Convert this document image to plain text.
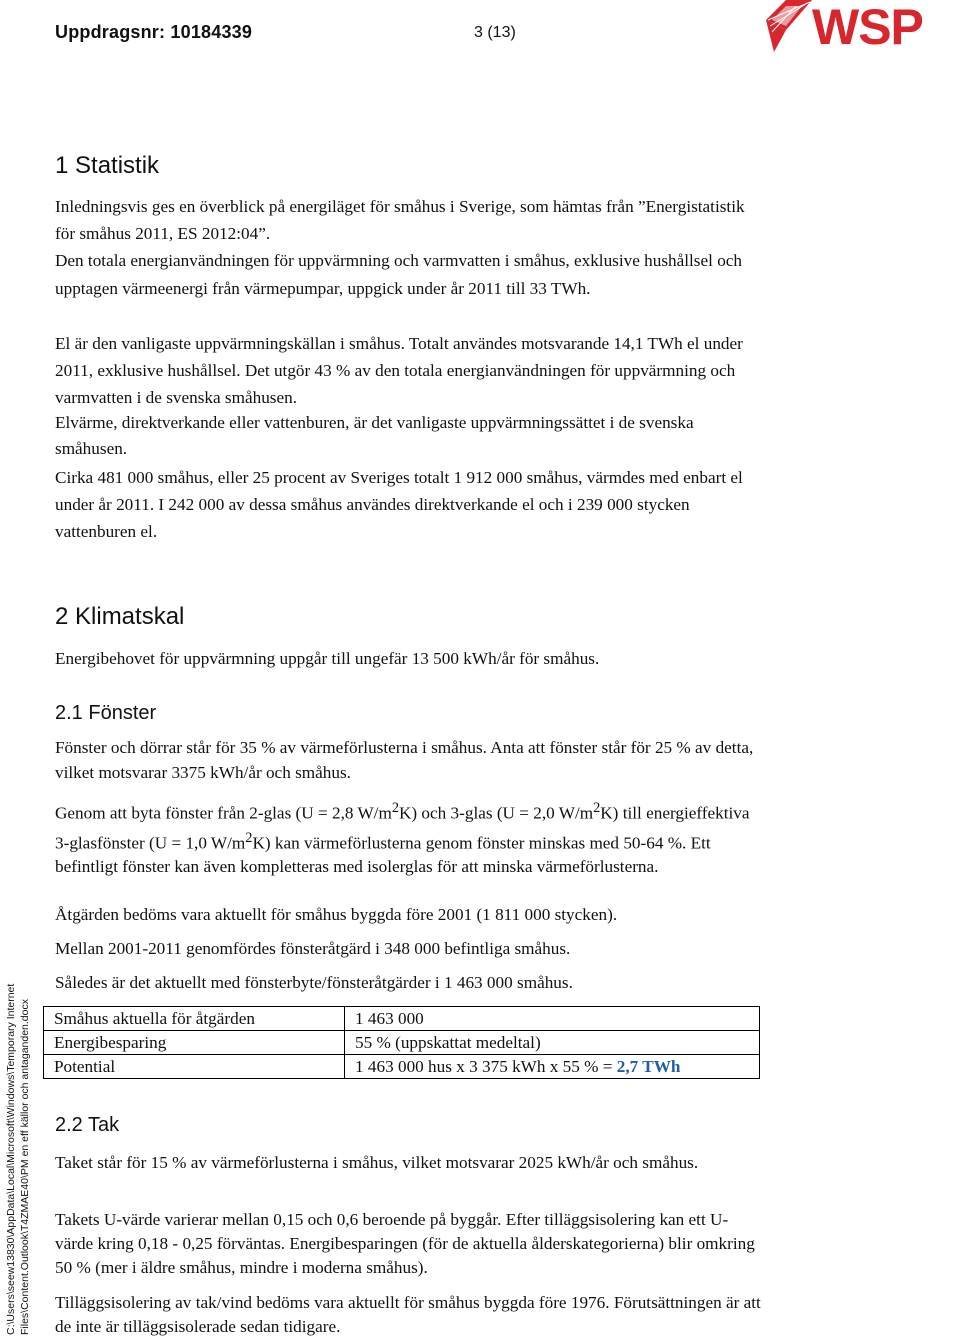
Uppdragsnr: 10184339	3 (13)	WSP
C:\Users\seew13830\AppData\Local\Microsoft\Windows\Temporary Internet Files\Content.Outlook\T4ZMAE40\PM en eff källor och antaganden.docx
1 Statistik

Inledningsvis ges en överblick på energiläget för småhus i Sverige, som hämtas från ”Energistatistik för småhus 2011, ES 2012:04”.

Den totala energianvändningen för uppvärmning och varmvatten i småhus, exklusive hushållsel och upptagen värmeenergi från värmepumpar, uppgick under år 2011 till 33 TWh.

El är den vanligaste uppvärmningskällan i småhus. Totalt användes motsvarande 14,1 TWh el under 2011, exklusive hushållsel. Det utgör 43 % av den totala energianvändningen för uppvärmning och varmvatten i de svenska småhusen.

Elvärme, direktverkande eller vattenburen, är det vanligaste uppvärmningssättet i de svenska småhusen.

Cirka 481 000 småhus, eller 25 procent av Sveriges totalt 1 912 000 småhus, värmdes med enbart el under år 2011. I 242 000 av dessa småhus användes direktverkande el och i 239 000 stycken vattenburen el.

2 Klimatskal

Energibehovet för uppvärmning uppgår till ungefär 13 500 kWh/år för småhus.

2.1 Fönster

Fönster och dörrar står för 35 % av värmeförlusterna i småhus. Anta att fönster står för 25 % av detta, vilket motsvarar 3375 kWh/år och småhus.

Genom att byta fönster från 2-glas (U = 2,8 $W/m^2K$) och 3-glas (U = 2,0 $W/m^2K$) till energieffektiva 3-glasfönster (U = 1,0 $W/m^2K$) kan värmeförlusterna genom fönster minskas med 50-64 %. Ett befintligt fönster kan även kompletteras med isolerglas för att minska värmeförlusterna.

Åtgärden bedöms vara aktuellt för småhus byggda före 2001 (1 811 000 stycken).

Mellan 2001-2011 genomfördes fönsteråtgärd i 348 000 befintliga småhus.

Således är det aktuellt med fönsterbyte/fönsteråtgärder i 1 463 000 småhus.

2.2 Tak

Taket står för 15 % av värmeförlusterna i småhus, vilket motsvarar 2025 kWh/år och småhus.

Takets U-värde varierar mellan 0,15 och 0,6 beroende på byggår. Efter tilläggsisolering kan ett U-värde kring 0,18 - 0,25 förväntas. Energibesparingen (för de aktuella ålderskategorierna) blir omkring 50 % (mer i äldre småhus, mindre i moderna småhus).

Tilläggsisolering av tak/vind bedöms vara aktuellt för småhus byggda före 1976. Förutsättningen är att de inte är tilläggsisolerade sedan tidigare.

Småhus aktuella för åtgärden	1 463 000
Energibesparing	55 % (uppskattat medeltal)
Potential	1 463 000 hus x 3 375 kWh x 55 % = 2,7 TWh
